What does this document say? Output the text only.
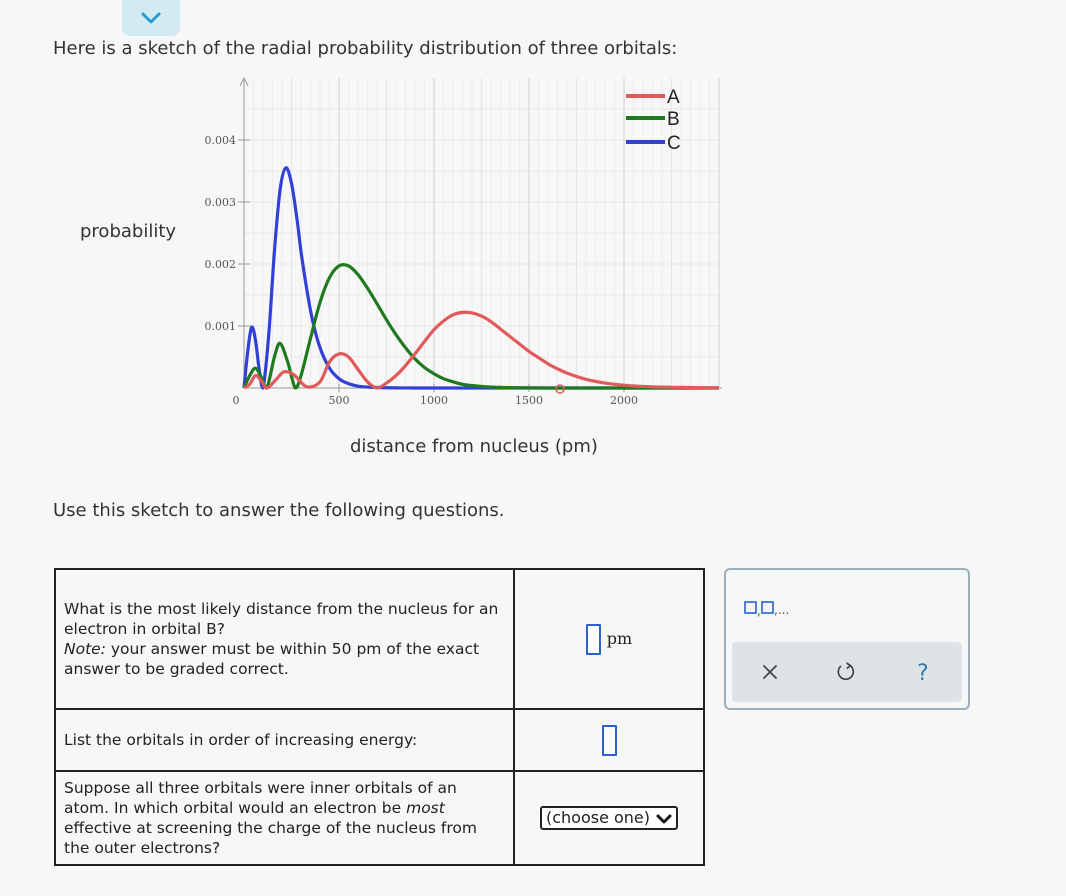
Here is a sketch of the radial probability distribution of three orbitals:
0.001
0.002
0.003
0.004
0	500	1000	1500	2000
A
B
C
probability
distance from nucleus (pm)
Use this sketch to answer the following questions.
What is the most likely distance from the nucleus for an electron in orbital B?
Note: your answer must be within 50 pm of the exact answer to be graded correct.	pm
List the orbitals in order of increasing energy:	
Suppose all three orbitals were inner orbitals of an atom. In which orbital would an electron be most effective at screening the charge of the nucleus from the outer electrons?	(choose one)
, ,...
?
